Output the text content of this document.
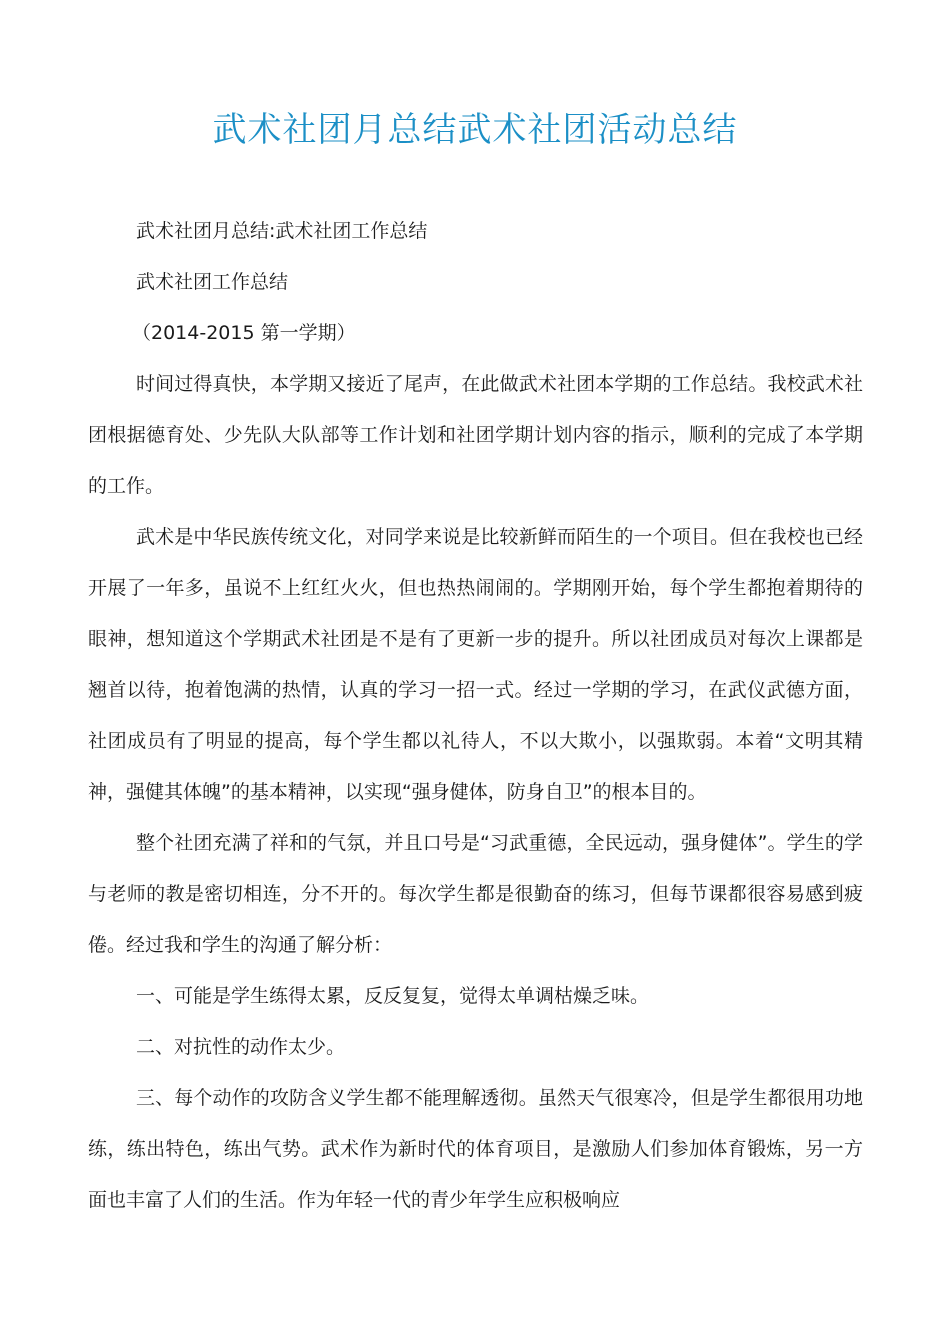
武术社团月总结武术社团活动总结

武术社团月总结:武术社团工作总结

武术社团工作总结

（2014-2015 第一学期）

时间过得真快，本学期又接近了尾声，在此做武术社团本学期的工作总结。我校武术社团根据德育处、少先队大队部等工作计划和社团学期计划内容的指示，顺利的完成了本学期的工作。

武术是中华民族传统文化，对同学来说是比较新鲜而陌生的一个项目。但在我校也已经开展了一年多，虽说不上红红火火，但也热热闹闹的。学期刚开始，每个学生都抱着期待的眼神，想知道这个学期武术社团是不是有了更新一步的提升。所以社团成员对每次上课都是翘首以待，抱着饱满的热情，认真的学习一招一式。经过一学期的学习，在武仪武德方面，社团成员有了明显的提高，每个学生都以礼待人，不以大欺小，以强欺弱。本着“文明其精神，强健其体魄”的基本精神，以实现“强身健体，防身自卫”的根本目的。

整个社团充满了祥和的气氛，并且口号是“习武重德，全民远动，强身健体”。学生的学与老师的教是密切相连，分不开的。每次学生都是很勤奋的练习，但每节课都很容易感到疲倦。经过我和学生的沟通了解分析：

一、可能是学生练得太累，反反复复，觉得太单调枯燥乏味。

二、对抗性的动作太少。

三、每个动作的攻防含义学生都不能理解透彻。虽然天气很寒冷，但是学生都很用功地练，练出特色，练出气势。武术作为新时代的体育项目，是激励人们参加体育锻炼，另一方面也丰富了人们的生活。作为年轻一代的青少年学生应积极响应
